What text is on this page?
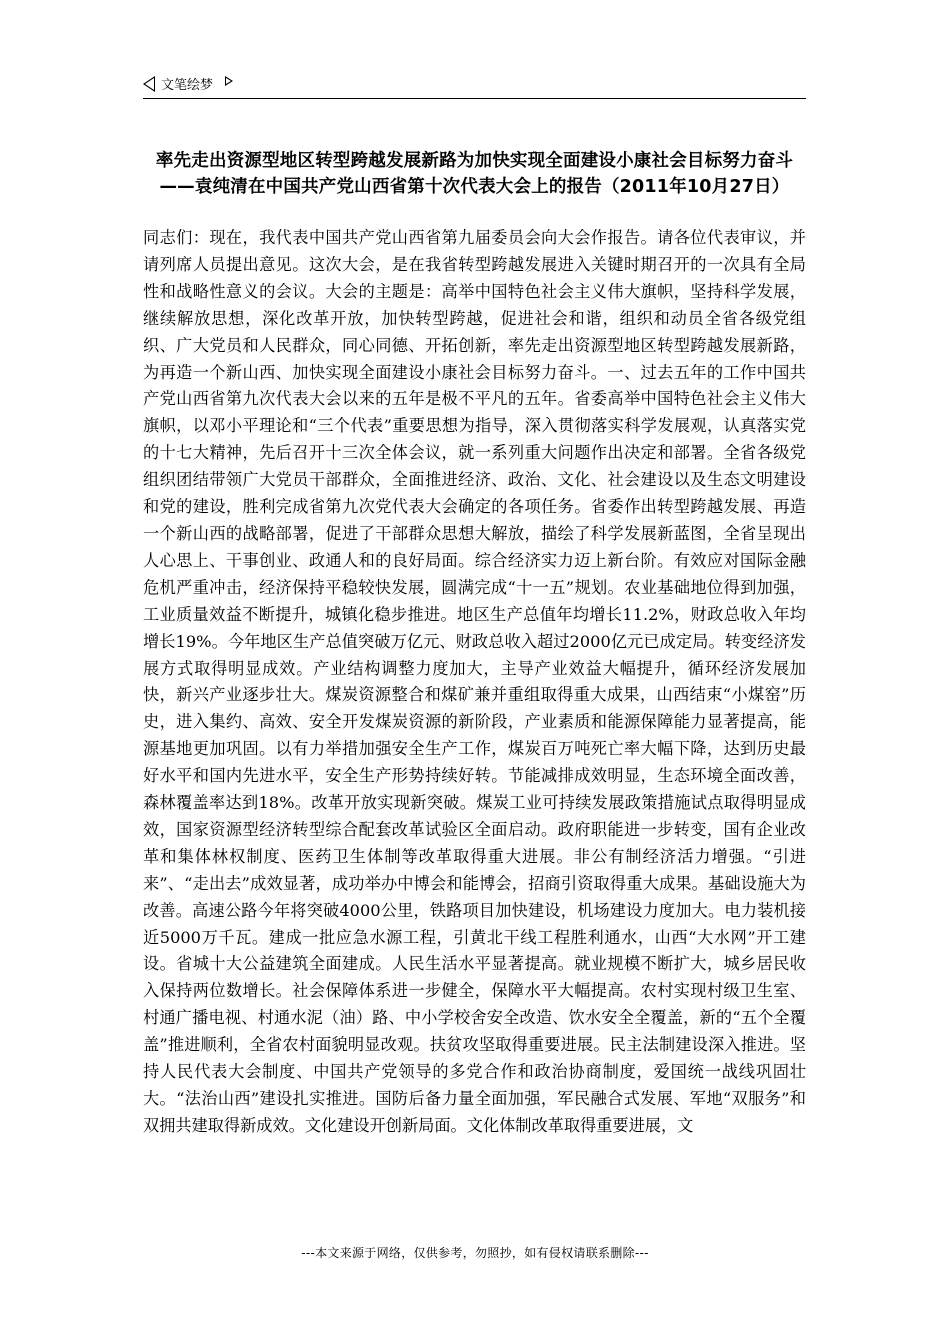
文笔绘梦
率先走出资源型地区转型跨越发展新路为加快实现全面建设小康社会目标努力奋斗——袁纯清在中国共产党山西省第十次代表大会上的报告（2011年10月27日）
同志们：现在，我代表中国共产党山西省第九届委员会向大会作报告。请各位代表审议，并请列席人员提出意见。这次大会，是在我省转型跨越发展进入关键时期召开的一次具有全局性和战略性意义的会议。大会的主题是：高举中国特色社会主义伟大旗帜，坚持科学发展，继续解放思想，深化改革开放，加快转型跨越，促进社会和谐，组织和动员全省各级党组织、广大党员和人民群众，同心同德、开拓创新，率先走出资源型地区转型跨越发展新路，为再造一个新山西、加快实现全面建设小康社会目标努力奋斗。一、过去五年的工作中国共产党山西省第九次代表大会以来的五年是极不平凡的五年。省委高举中国特色社会主义伟大旗帜，以邓小平理论和“三个代表”重要思想为指导，深入贯彻落实科学发展观，认真落实党的十七大精神，先后召开十三次全体会议，就一系列重大问题作出决定和部署。全省各级党组织团结带领广大党员干部群众，全面推进经济、政治、文化、社会建设以及生态文明建设和党的建设，胜利完成省第九次党代表大会确定的各项任务。省委作出转型跨越发展、再造一个新山西的战略部署，促进了干部群众思想大解放，描绘了科学发展新蓝图，全省呈现出人心思上、干事创业、政通人和的良好局面。综合经济实力迈上新台阶。有效应对国际金融危机严重冲击，经济保持平稳较快发展，圆满完成“十一五”规划。农业基础地位得到加强，工业质量效益不断提升，城镇化稳步推进。地区生产总值年均增长11.2%，财政总收入年均增长19%。今年地区生产总值突破万亿元、财政总收入超过2000亿元已成定局。转变经济发展方式取得明显成效。产业结构调整力度加大，主导产业效益大幅提升，循环经济发展加快，新兴产业逐步壮大。煤炭资源整合和煤矿兼并重组取得重大成果，山西结束“小煤窑”历史，进入集约、高效、安全开发煤炭资源的新阶段，产业素质和能源保障能力显著提高，能源基地更加巩固。以有力举措加强安全生产工作，煤炭百万吨死亡率大幅下降，达到历史最好水平和国内先进水平，安全生产形势持续好转。节能减排成效明显，生态环境全面改善，森林覆盖率达到18%。改革开放实现新突破。煤炭工业可持续发展政策措施试点取得明显成效，国家资源型经济转型综合配套改革试验区全面启动。政府职能进一步转变，国有企业改革和集体林权制度、医药卫生体制等改革取得重大进展。非公有制经济活力增强。“引进来”、“走出去”成效显著，成功举办中博会和能博会，招商引资取得重大成果。基础设施大为改善。高速公路今年将突破4000公里，铁路项目加快建设，机场建设力度加大。电力装机接近5000万千瓦。建成一批应急水源工程，引黄北干线工程胜利通水，山西“大水网”开工建设。省城十大公益建筑全面建成。人民生活水平显著提高。就业规模不断扩大，城乡居民收入保持两位数增长。社会保障体系进一步健全，保障水平大幅提高。农村实现村级卫生室、村通广播电视、村通水泥（油）路、中小学校舍安全改造、饮水安全全覆盖，新的“五个全覆盖”推进顺利，全省农村面貌明显改观。扶贫攻坚取得重要进展。民主法制建设深入推进。坚持人民代表大会制度、中国共产党领导的多党合作和政治协商制度，爱国统一战线巩固壮大。“法治山西”建设扎实推进。国防后备力量全面加强，军民融合式发展、军地“双服务”和双拥共建取得新成效。文化建设开创新局面。文化体制改革取得重要进展，文
---本文来源于网络，仅供参考，勿照抄，如有侵权请联系删除---
